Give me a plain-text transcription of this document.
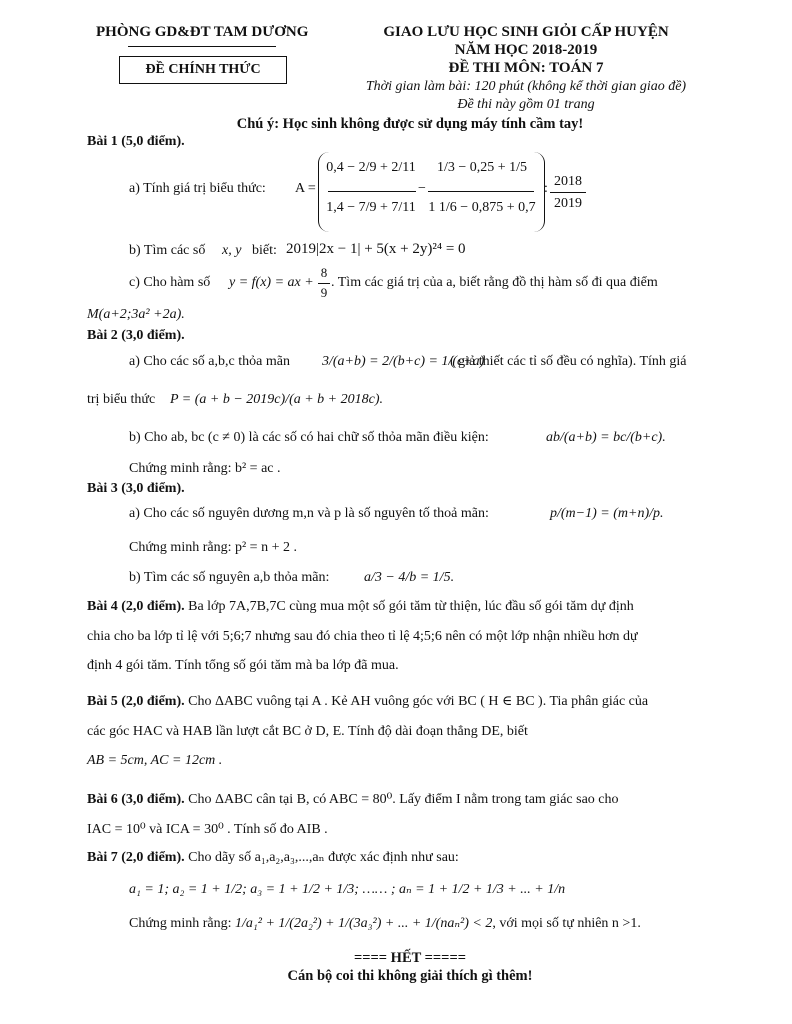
PHÒNG GD&ĐT TAM DƯƠNG
ĐỀ CHÍNH THỨC
GIAO LƯU HỌC SINH GIỎI CẤP HUYỆN
NĂM HỌC 2018-2019
ĐỀ THI MÔN: TOÁN 7
Thời gian làm bài: 120 phút (không kể thời gian giao đề)
Đề thi này gồm 01 trang
Chú ý: Học sinh không được sử dụng máy tính cầm tay!
Bài 1 (5,0 điểm).
a) Tính giá trị biểu thức: A =
0,4 − 2/9 + 2/11
1,4 − 7/9 + 7/11
−
1/3 − 0,25 + 1/5
1 1/6 − 0,875 + 0,7
: 2018
2019
b) Tìm các số x, y biết: 2019|2x − 1| + 5(x + 2y)²⁴ = 0
c) Cho hàm số y = f(x) = ax +
8
9
. Tìm các giá trị của a, biết rằng đồ thị hàm số đi qua điểm
M(a+2;3a² +2a).
Bài 2 (3,0 điểm).
a) Cho các số a,b,c thỏa mãn 3/(a+b) = 2/(b+c) = 1/(c+a)
( giả thiết các tỉ số đều có nghĩa). Tính giá
trị biểu thức P = (a + b − 2019c)/(a + b + 2018c).
b) Cho ab, bc (c ≠ 0) là các số có hai chữ số thỏa mãn điều kiện:	ab/(a+b) = bc/(b+c).
Chứng minh rằng: b² = ac .
Bài 3 (3,0 điểm).
a) Cho các số nguyên dương m,n và p là số nguyên tố thoả mãn:	p/(m−1) = (m+n)/p.
Chứng minh rằng: p² = n + 2 .
b) Tìm các số nguyên a,b thỏa mãn: a/3 − 4/b = 1/5.
Bài 4 (2,0 điểm). Ba lớp 7A,7B,7C cùng mua một số gói tăm từ thiện, lúc đầu số gói tăm dự định
chia cho ba lớp tỉ lệ với 5;6;7 nhưng sau đó chia theo tỉ lệ 4;5;6 nên có một lớp nhận nhiều hơn dự
định 4 gói tăm. Tính tổng số gói tăm mà ba lớp đã mua.
Bài 5 (2,0 điểm). Cho ΔABC vuông tại A . Kẻ AH vuông góc với BC ( H ∈ BC ). Tia phân giác của
các góc HAC và HAB lần lượt cắt BC ở D, E. Tính độ dài đoạn thẳng DE, biết
AB = 5cm, AC = 12cm .
Bài 6 (3,0 điểm). Cho ΔABC cân tại B, có ABC = 80⁰. Lấy điểm I nằm trong tam giác sao cho
IAC = 10⁰ và ICA = 30⁰ . Tính số đo AIB .
Bài 7 (2,0 điểm). Cho dãy số a₁,a₂,a₃,...,aₙ được xác định như sau:
a₁ = 1; a₂ = 1 + 1/2; a₃ = 1 + 1/2 + 1/3; …… ; aₙ = 1 + 1/2 + 1/3 + ... + 1/n
Chứng minh rằng: 1/a₁² + 1/(2a₂²) + 1/(3a₃²) + ... + 1/(naₙ²) < 2, với mọi số tự nhiên n >1.
==== HẾT =====
Cán bộ coi thi không giải thích gì thêm!
